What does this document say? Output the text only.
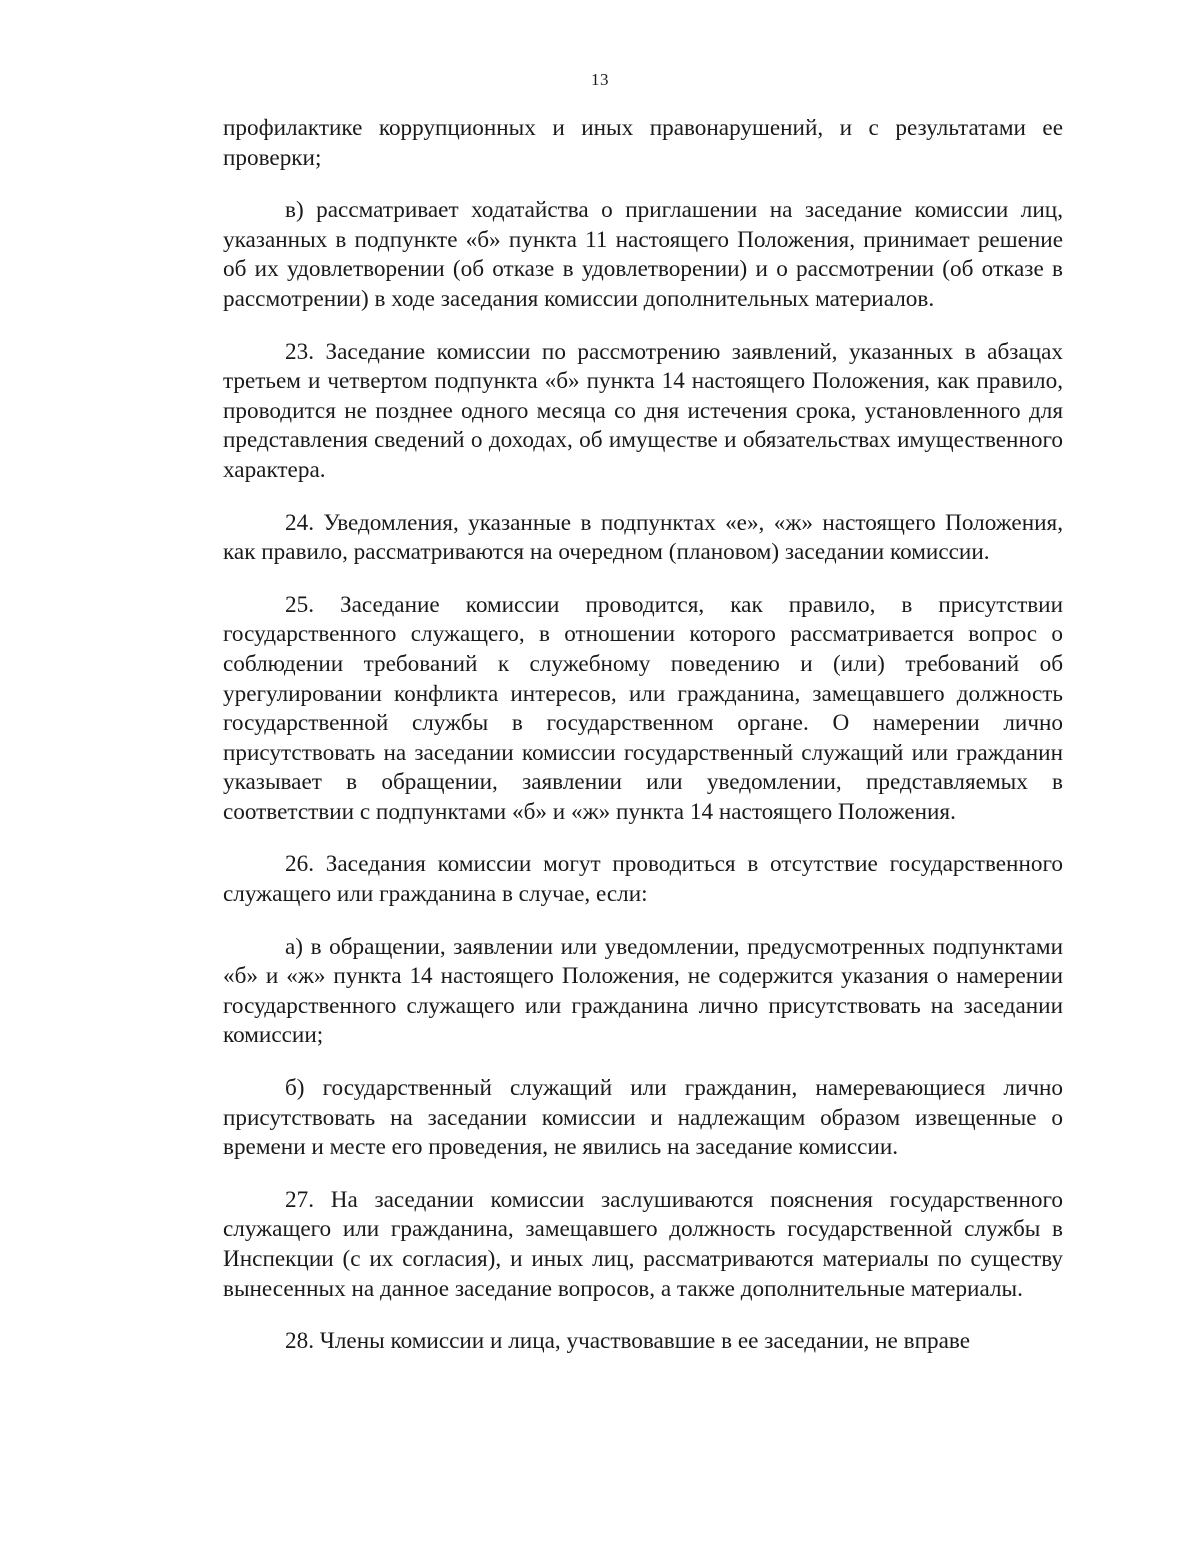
13

профилактике коррупционных и иных правонарушений, и с результатами ее проверки;

в) рассматривает ходатайства о приглашении на заседание комиссии лиц, указанных в подпункте «б» пункта 11 настоящего Положения, принимает решение об их удовлетворении (об отказе в удовлетворении) и о рассмотрении (об отказе в рассмотрении) в ходе заседания комиссии дополнительных материалов.

23. Заседание комиссии по рассмотрению заявлений, указанных в абзацах третьем и четвертом подпункта «б» пункта 14 настоящего Положения, как правило, проводится не позднее одного месяца со дня истечения срока, установленного для представления сведений о доходах, об имуществе и обязательствах имущественного характера.

24. Уведомления, указанные в подпунктах «е», «ж» настоящего Положения, как правило, рассматриваются на очередном (плановом) заседании комиссии.

25. Заседание комиссии проводится, как правило, в присутствии государственного служащего, в отношении которого рассматривается вопрос о соблюдении требований к служебному поведению и (или) требований об урегулировании конфликта интересов, или гражданина, замещавшего должность государственной службы в государственном органе. О намерении лично присутствовать на заседании комиссии государственный служащий или гражданин указывает в обращении, заявлении или уведомлении, представляемых в соответствии с подпунктами «б» и «ж» пункта 14 настоящего Положения.

26. Заседания комиссии могут проводиться в отсутствие государственного служащего или гражданина в случае, если:

а) в обращении, заявлении или уведомлении, предусмотренных подпунктами «б» и «ж» пункта 14 настоящего Положения, не содержится указания о намерении государственного служащего или гражданина лично присутствовать на заседании комиссии;

б) государственный служащий или гражданин, намеревающиеся лично присутствовать на заседании комиссии и надлежащим образом извещенные о времени и месте его проведения, не явились на заседание комиссии.

27. На заседании комиссии заслушиваются пояснения государственного служащего или гражданина, замещавшего должность государственной службы в Инспекции (с их согласия), и иных лиц, рассматриваются материалы по существу вынесенных на данное заседание вопросов, а также дополнительные материалы.

28. Члены комиссии и лица, участвовавшие в ее заседании, не вправе
